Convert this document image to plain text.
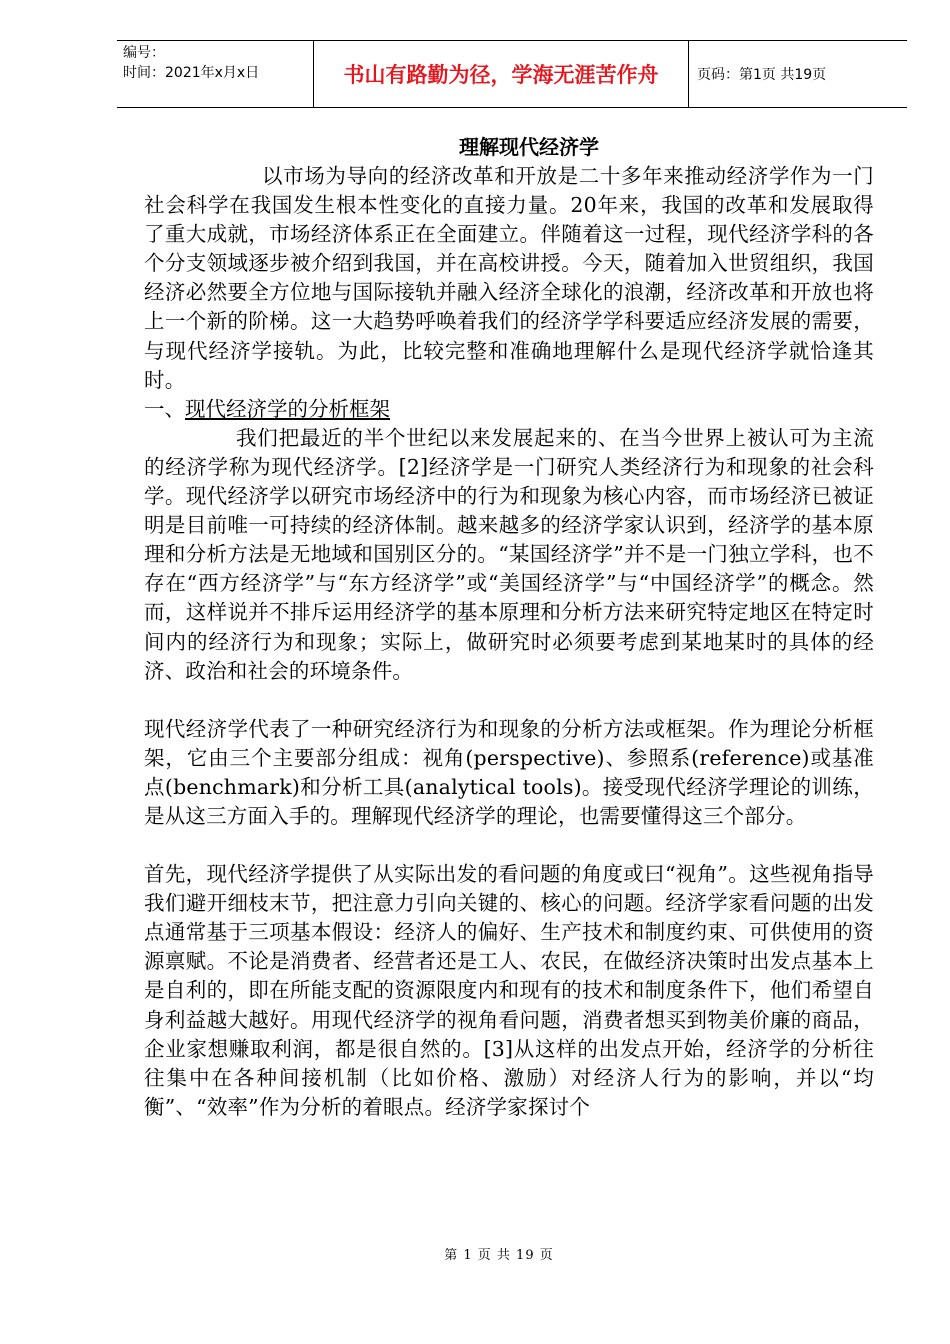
编号：
时间：2021年x月x日	书山有路勤为径，学海无涯苦作舟	页码：第1页 共19页
理解现代经济学

以市场为导向的经济改革和开放是二十多年来推动经济学作为一门社会科学在我国发生根本性变化的直接力量。20年来，我国的改革和发展取得了重大成就，市场经济体系正在全面建立。伴随着这一过程，现代经济学科的各个分支领域逐步被介绍到我国，并在高校讲授。今天，随着加入世贸组织，我国经济必然要全方位地与国际接轨并融入经济全球化的浪潮，经济改革和开放也将上一个新的阶梯。这一大趋势呼唤着我们的经济学学科要适应经济发展的需要，与现代经济学接轨。为此，比较完整和准确地理解什么是现代经济学就恰逢其时。

一、现代经济学的分析框架

我们把最近的半个世纪以来发展起来的、在当今世界上被认可为主流的经济学称为现代经济学。[2]经济学是一门研究人类经济行为和现象的社会科学。现代经济学以研究市场经济中的行为和现象为核心内容，而市场经济已被证明是目前唯一可持续的经济体制。越来越多的经济学家认识到，经济学的基本原理和分析方法是无地域和国别区分的。“某国经济学”并不是一门独立学科，也不存在“西方经济学”与“东方经济学”或“美国经济学”与“中国经济学”的概念。然而，这样说并不排斥运用经济学的基本原理和分析方法来研究特定地区在特定时间内的经济行为和现象；实际上，做研究时必须要考虑到某地某时的具体的经济、政治和社会的环境条件。

现代经济学代表了一种研究经济行为和现象的分析方法或框架。作为理论分析框架，它由三个主要部分组成：视角(perspective)、参照系(reference)或基准点(benchmark)和分析工具(analytical tools)。接受现代经济学理论的训练，是从这三方面入手的。理解现代经济学的理论，也需要懂得这三个部分。

首先，现代经济学提供了从实际出发的看问题的角度或曰“视角”。这些视角指导我们避开细枝末节，把注意力引向关键的、核心的问题。经济学家看问题的出发点通常基于三项基本假设：经济人的偏好、生产技术和制度约束、可供使用的资源禀赋。不论是消费者、经营者还是工人、农民，在做经济决策时出发点基本上是自利的，即在所能支配的资源限度内和现有的技术和制度条件下，他们希望自身利益越大越好。用现代经济学的视角看问题，消费者想买到物美价廉的商品，企业家想赚取利润，都是很自然的。[3]从这样的出发点开始，经济学的分析往往集中在各种间接机制（比如价格、激励）对经济人行为的影响，并以“均衡”、“效率”作为分析的着眼点。经济学家探讨个

第 1 页 共 19 页
